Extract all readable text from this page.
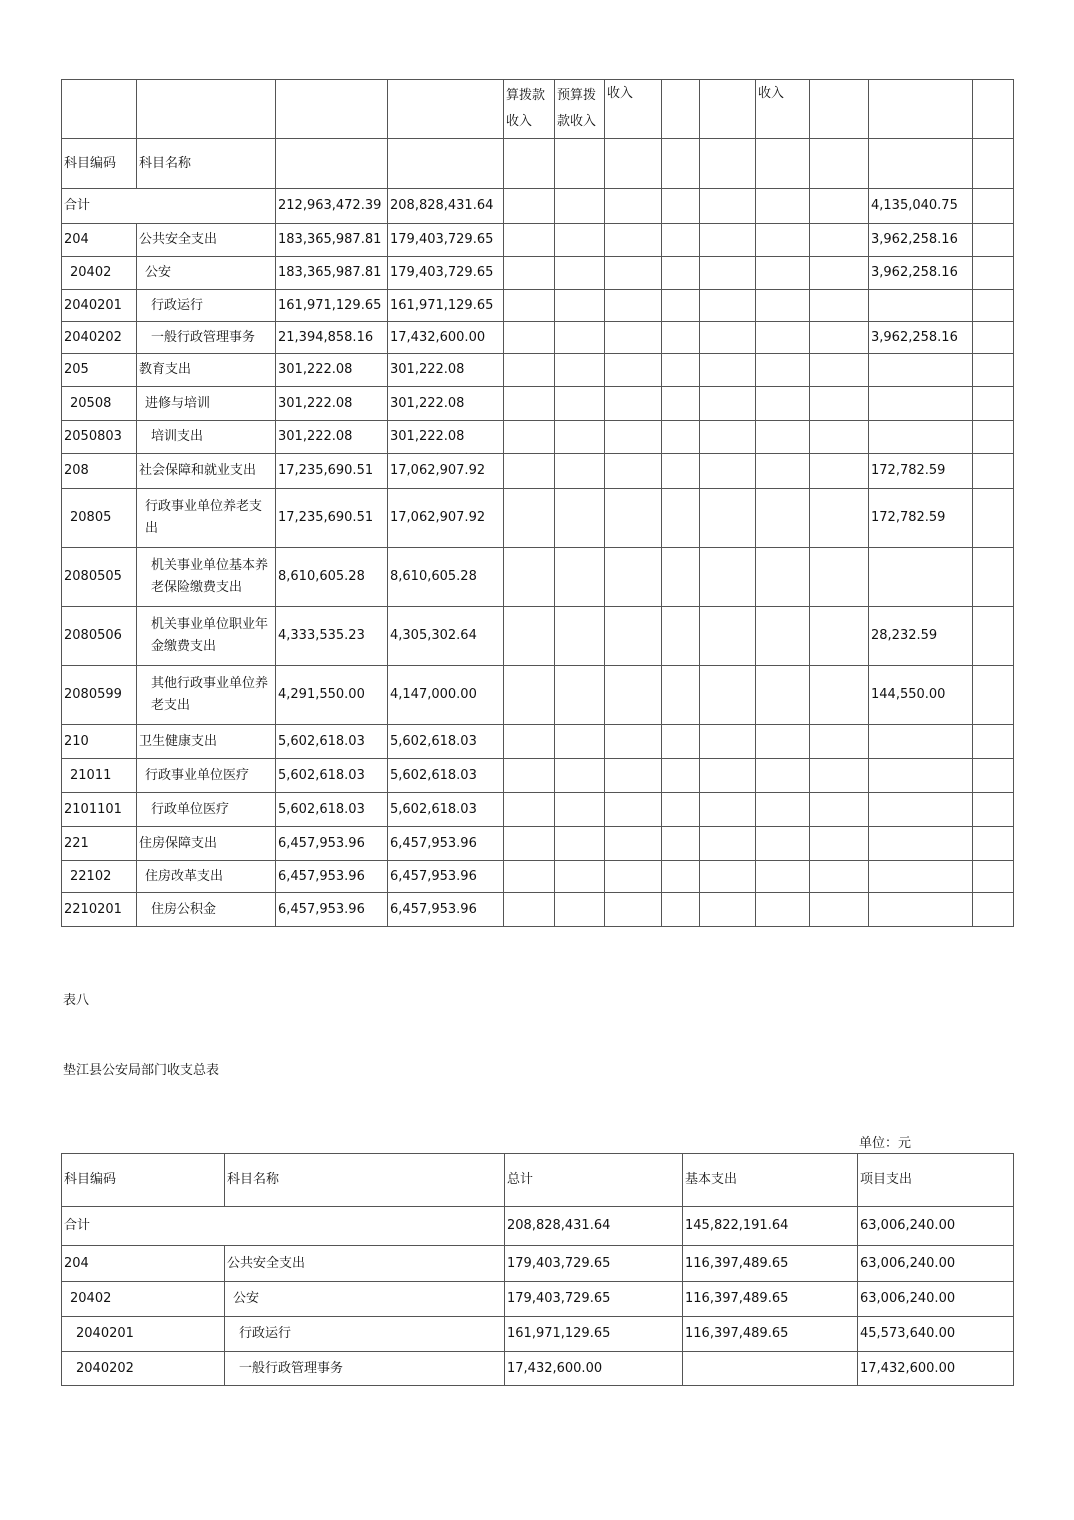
				算拨款收入	预算拨款收入	收入			收入			
科目编码	科目名称											
合计		212,963,472.39	208,828,431.64								4,135,040.75	
204	公共安全支出	183,365,987.81	179,403,729.65								3,962,258.16	
20402	公安	183,365,987.81	179,403,729.65								3,962,258.16	
2040201	行政运行	161,971,129.65	161,971,129.65									
2040202	一般行政管理事务	21,394,858.16	17,432,600.00								3,962,258.16	
205	教育支出	301,222.08	301,222.08									
20508	进修与培训	301,222.08	301,222.08									
2050803	培训支出	301,222.08	301,222.08									
208	社会保障和就业支出	17,235,690.51	17,062,907.92								172,782.59	
20805	行政事业单位养老支出	17,235,690.51	17,062,907.92								172,782.59	
2080505	机关事业单位基本养老保险缴费支出	8,610,605.28	8,610,605.28									
2080506	机关事业单位职业年金缴费支出	4,333,535.23	4,305,302.64								28,232.59	
2080599	其他行政事业单位养老支出	4,291,550.00	4,147,000.00								144,550.00	
210	卫生健康支出	5,602,618.03	5,602,618.03									
21011	行政事业单位医疗	5,602,618.03	5,602,618.03									
2101101	行政单位医疗	5,602,618.03	5,602,618.03									
221	住房保障支出	6,457,953.96	6,457,953.96									
22102	住房改革支出	6,457,953.96	6,457,953.96									
2210201	住房公积金	6,457,953.96	6,457,953.96									
表八
垫江县公安局部门收支总表
单位：元
科目编码	科目名称	总计	基本支出	项目支出
合计		208,828,431.64	145,822,191.64	63,006,240.00
204	公共安全支出	179,403,729.65	116,397,489.65	63,006,240.00
20402	公安	179,403,729.65	116,397,489.65	63,006,240.00
2040201	行政运行	161,971,129.65	116,397,489.65	45,573,640.00
2040202	一般行政管理事务	17,432,600.00		17,432,600.00
